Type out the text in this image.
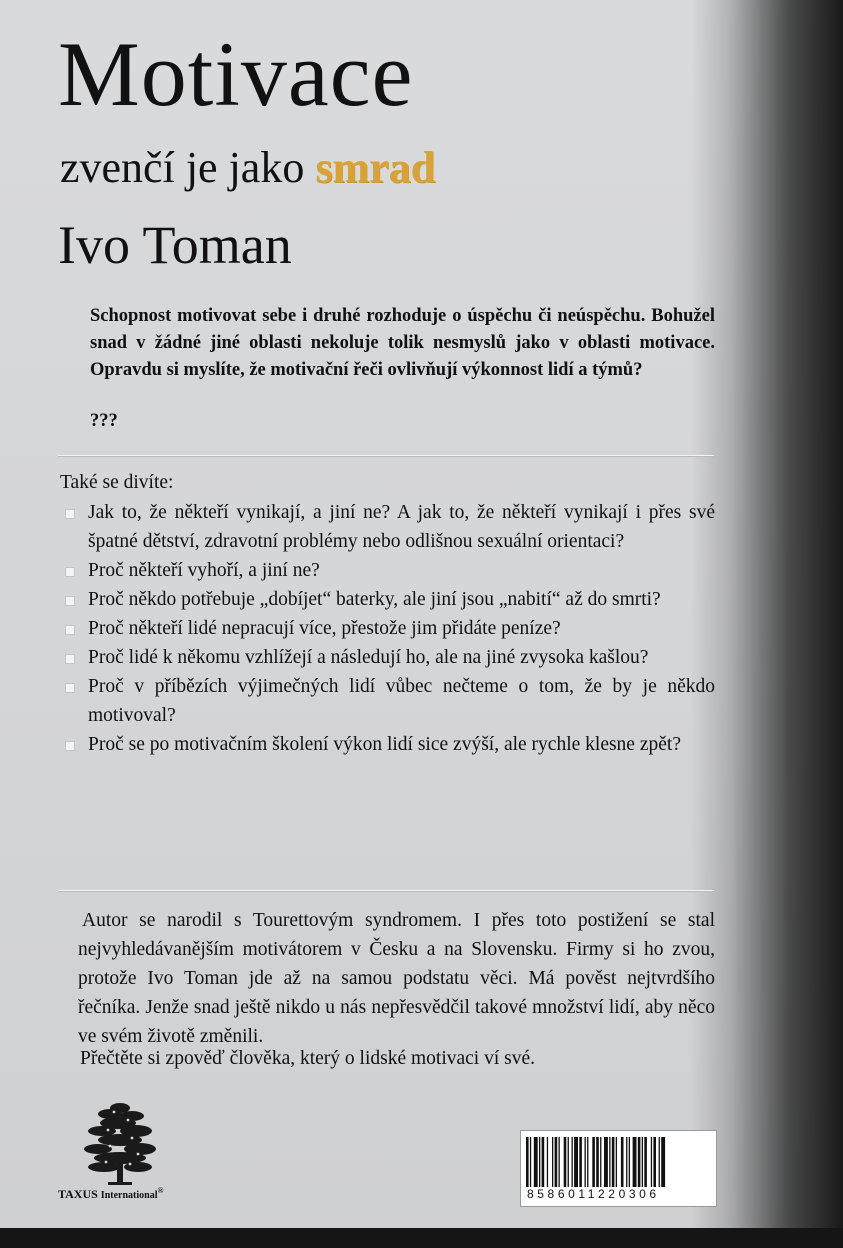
Motivace
zvenčí je jako smrad
Ivo Toman

Schopnost motivovat sebe i druhé rozhoduje o úspěchu či neúspěchu. Bohužel snad v žádné jiné oblasti nekoluje tolik nesmyslů jako v oblasti motivace. Opravdu si myslíte, že motivační řeči ovlivňují výkonnost lidí a týmů?

???

Také se divíte:

Jak to, že někteří vynikají, a jiní ne? A jak to, že někteří vynikají i přes své špatné dětství, zdravotní problémy nebo odlišnou sexuální orientaci?
Proč někteří vyhoří, a jiní ne?
Proč někdo potřebuje „dobíjet“ baterky, ale jiní jsou „nabití“ až do smrti?
Proč někteří lidé nepracují více, přestože jim přidáte peníze?
Proč lidé k někomu vzhlížejí a následují ho, ale na jiné zvysoka kašlou?
Proč v příbězích výjimečných lidí vůbec nečteme o tom, že by je někdo motivoval?
Proč se po motivačním školení výkon lidí sice zvýší, ale rychle klesne zpět?

Autor se narodil s Tourettovým syndromem. I přes toto postižení se stal nejvyhledávanějším motivátorem v Česku a na Slovensku. Firmy si ho zvou, protože Ivo Toman jde až na samou podstatu věci. Má pověst nejtvrdšího řečníka. Jenže snad ještě nikdo u nás nepřesvědčil takové množství lidí, aby něco ve svém životě změnili.

Přečtěte si zpověď člověka, který o lidské motivaci ví své.

TAXUS International®	8586011220306
